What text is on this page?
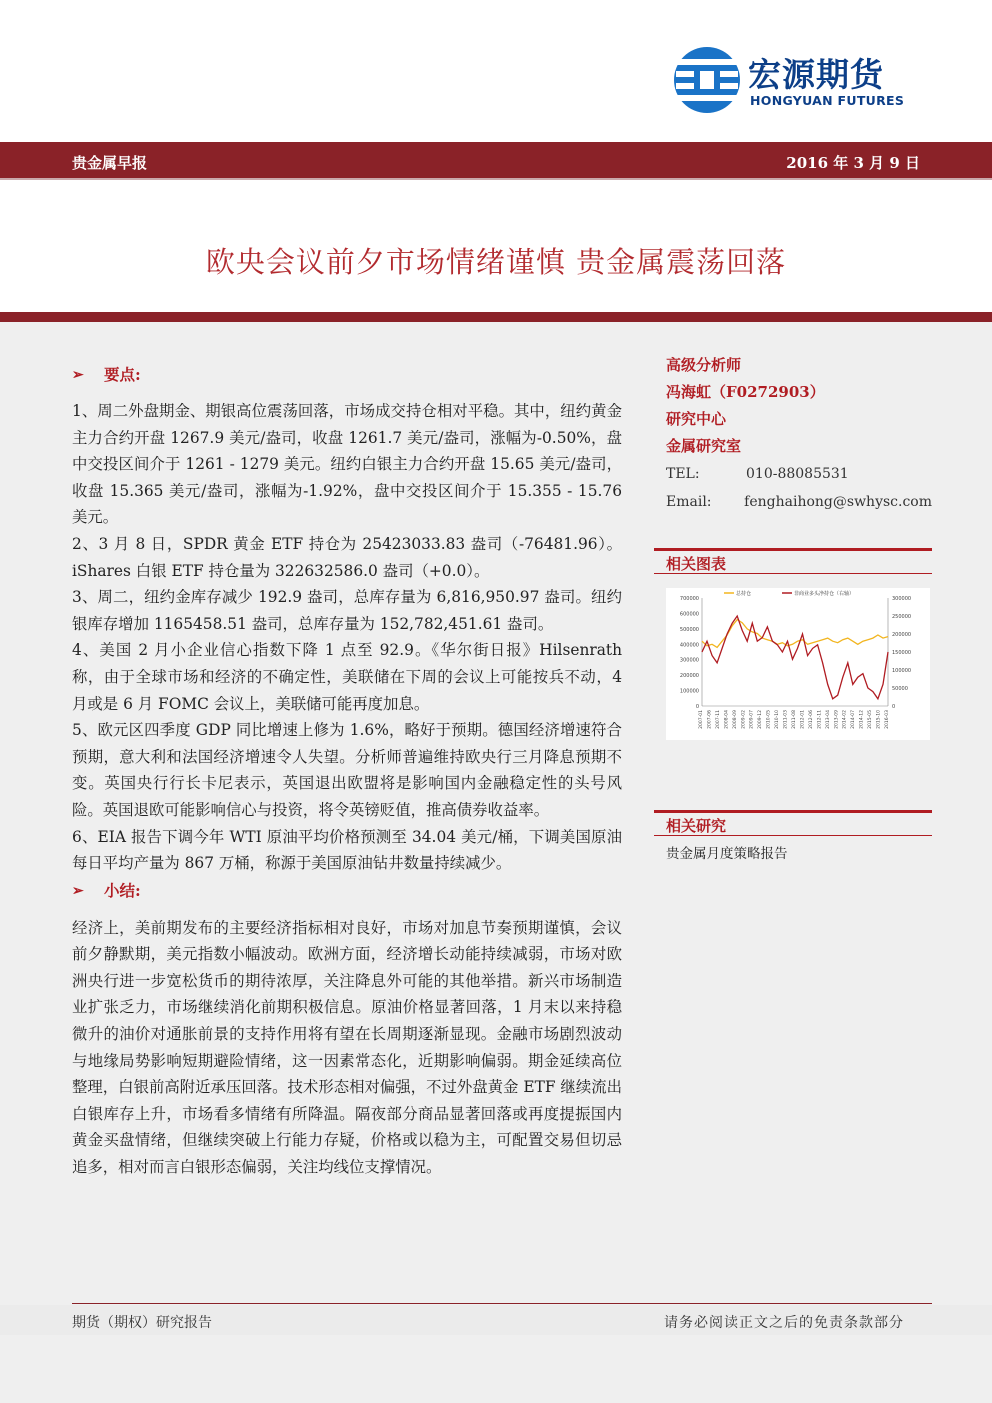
宏源期货
HONGYUAN FUTURES
贵金属早报	2016 年 3 月 9 日
欧央会议前夕市场情绪谨慎 贵金属震荡回落
➢	要点:

1、周二外盘期金、期银高位震荡回落，市场成交持仓相对平稳。其中，纽约黄金主力合约开盘 1267.9 美元/盎司，收盘 1261.7 美元/盎司，涨幅为-0.50%，盘中交投区间介于 1261 - 1279 美元。纽约白银主力合约开盘 15.65 美元/盎司，收盘 15.365 美元/盎司，涨幅为-1.92%，盘中交投区间介于 15.355 - 15.76 美元。

2、3 月 8 日，SPDR 黄金 ETF 持仓为 25423033.83 盎司（-76481.96）。iShares 白银 ETF 持仓量为 322632586.0 盎司（+0.0）。

3、周二，纽约金库存减少 192.9 盎司，总库存量为 6,816,950.97 盎司。纽约银库存增加 1165458.51 盎司，总库存量为 152,782,451.61 盎司。

4、美国 2 月小企业信心指数下降 1 点至 92.9。《华尔街日报》Hilsenrath 称，由于全球市场和经济的不确定性，美联储在下周的会议上可能按兵不动，4 月或是 6 月 FOMC 会议上，美联储可能再度加息。

5、欧元区四季度 GDP 同比增速上修为 1.6%，略好于预期。德国经济增速符合预期，意大利和法国经济增速令人失望。分析师普遍维持欧央行三月降息预期不变。英国央行行长卡尼表示，英国退出欧盟将是影响国内金融稳定性的头号风险。英国退欧可能影响信心与投资，将令英镑贬值，推高债券收益率。

6、EIA 报告下调今年 WTI 原油平均价格预测至 34.04 美元/桶，下调美国原油每日平均产量为 867 万桶，称源于美国原油钻井数量持续减少。

➢	小结:

经济上，美前期发布的主要经济指标相对良好，市场对加息节奏预期谨慎，会议前夕静默期，美元指数小幅波动。欧洲方面，经济增长动能持续减弱，市场对欧洲央行进一步宽松货币的期待浓厚，关注降息外可能的其他举措。新兴市场制造业扩张乏力，市场继续消化前期积极信息。原油价格显著回落，1 月末以来持稳微升的油价对通胀前景的支持作用将有望在长周期逐渐显现。金融市场剧烈波动与地缘局势影响短期避险情绪，这一因素常态化，近期影响偏弱。期金延续高位整理，白银前高附近承压回落。技术形态相对偏强，不过外盘黄金 ETF 继续流出白银库存上升，市场看多情绪有所降温。隔夜部分商品显著回落或再度提振国内黄金买盘情绪，但继续突破上行能力存疑，价格或以稳为主，可配置交易但切忌追多，相对而言白银形态偏弱，关注均线位支撑情况。

高级分析师
冯海虹（F0272903）
研究中心
金属研究室
TEL:	010-88085531
Email:	fenghaihong@swhysc.com
相关图表
700000
600000
500000
400000
300000
200000
100000
0
300000
250000
200000
150000
100000
50000
0
2007-01 2007-06 2007-11 2008-04 2008-09 2009-02 2009-07 2009-12 2010-05 2010-10 2011-03 2011-08 2012-01 2012-06 2012-11 2013-04 2013-09 2014-02 2014-07 2014-12 2015-05 2015-10 2016-03
总持仓	非商业多头净持仓（右轴）
相关研究
贵金属月度策略报告
期货（期权）研究报告	请务必阅读正文之后的免责条款部分
